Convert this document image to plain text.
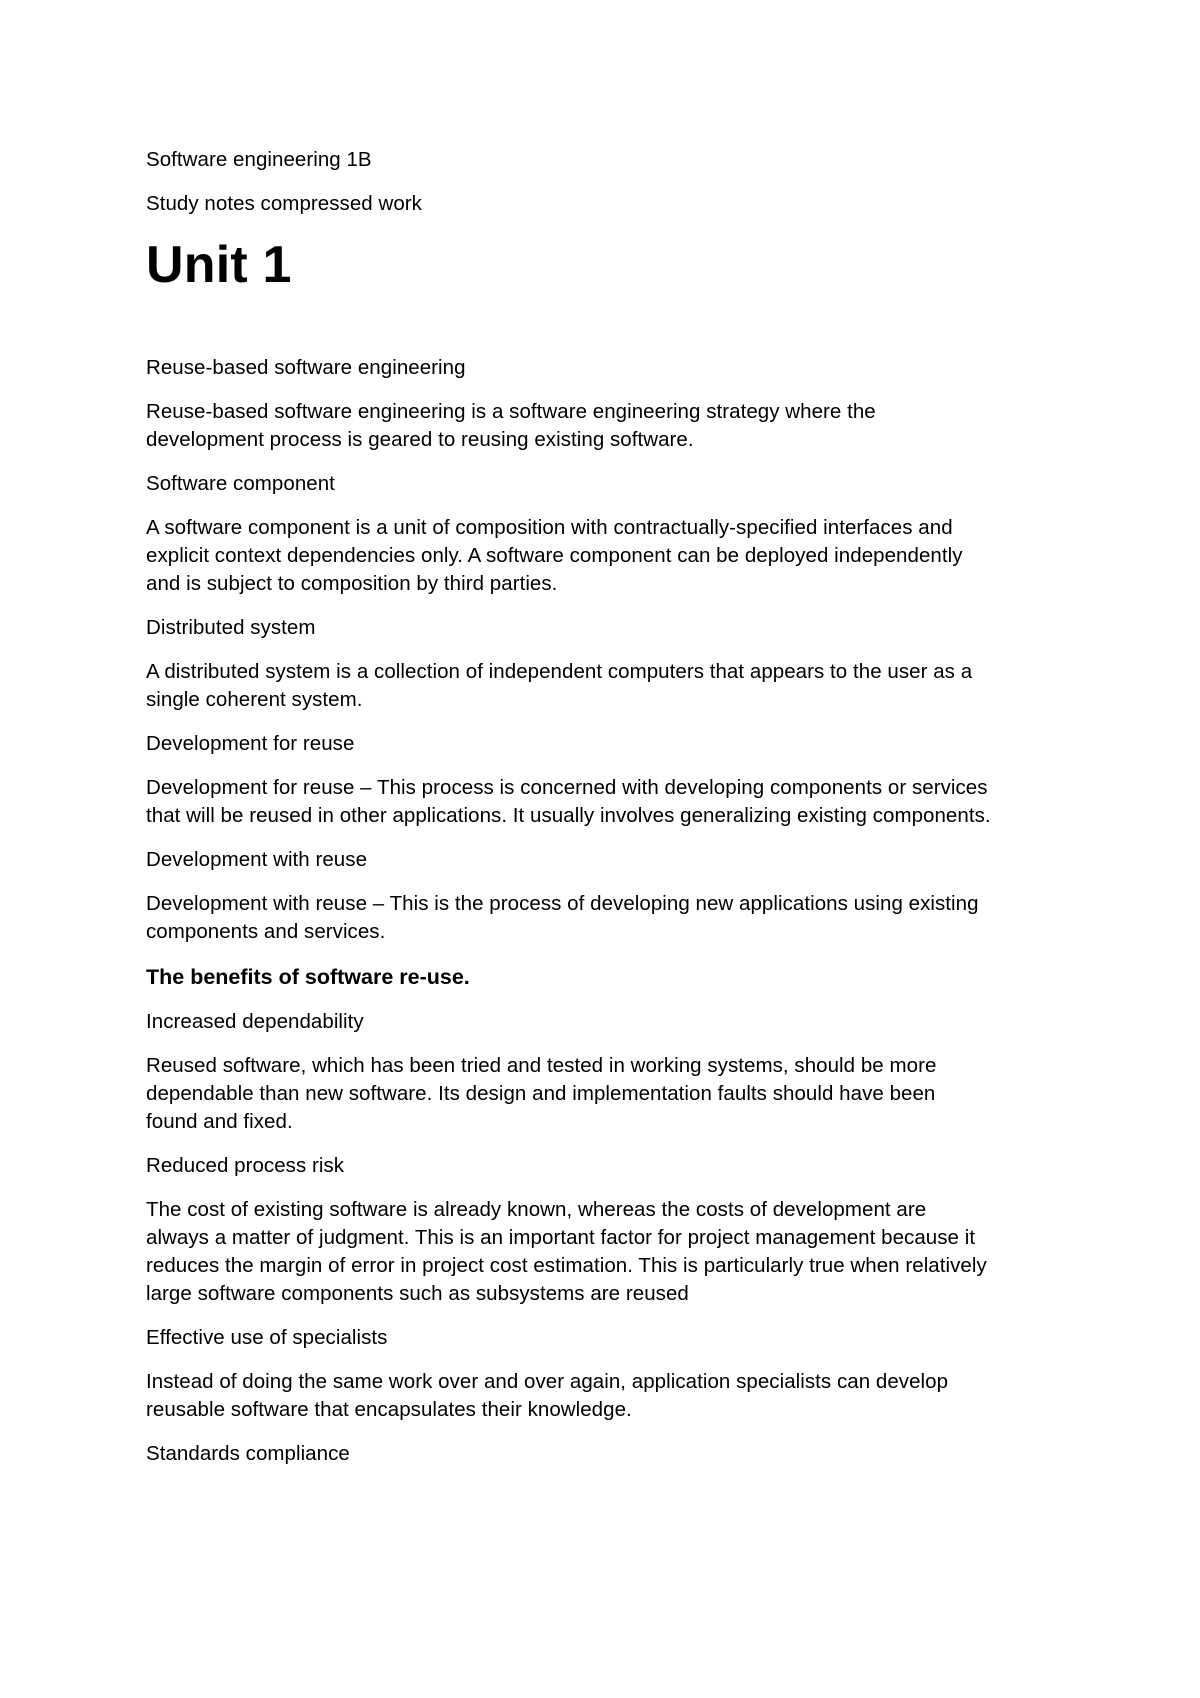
Software engineering 1B

Study notes compressed work

Unit 1

Reuse-based software engineering

Reuse-based software engineering is a software engineering strategy where the

development process is geared to reusing existing software.

Software component

A software component is a unit of composition with contractually-specified interfaces and

explicit context dependencies only. A software component can be deployed independently

and is subject to composition by third parties.

Distributed system

A distributed system is a collection of independent computers that appears to the user as a

single coherent system.

Development for reuse

Development for reuse – This process is concerned with developing components or services

that will be reused in other applications. It usually involves generalizing existing components.

Development with reuse

Development with reuse – This is the process of developing new applications using existing

components and services.

The benefits of software re-use.

Increased dependability

Reused software, which has been tried and tested in working systems, should be more

dependable than new software. Its design and implementation faults should have been

found and fixed.

Reduced process risk

The cost of existing software is already known, whereas the costs of development are

always a matter of judgment. This is an important factor for project management because it

reduces the margin of error in project cost estimation. This is particularly true when relatively

large software components such as subsystems are reused

Effective use of specialists

Instead of doing the same work over and over again, application specialists can develop

reusable software that encapsulates their knowledge.

Standards compliance
